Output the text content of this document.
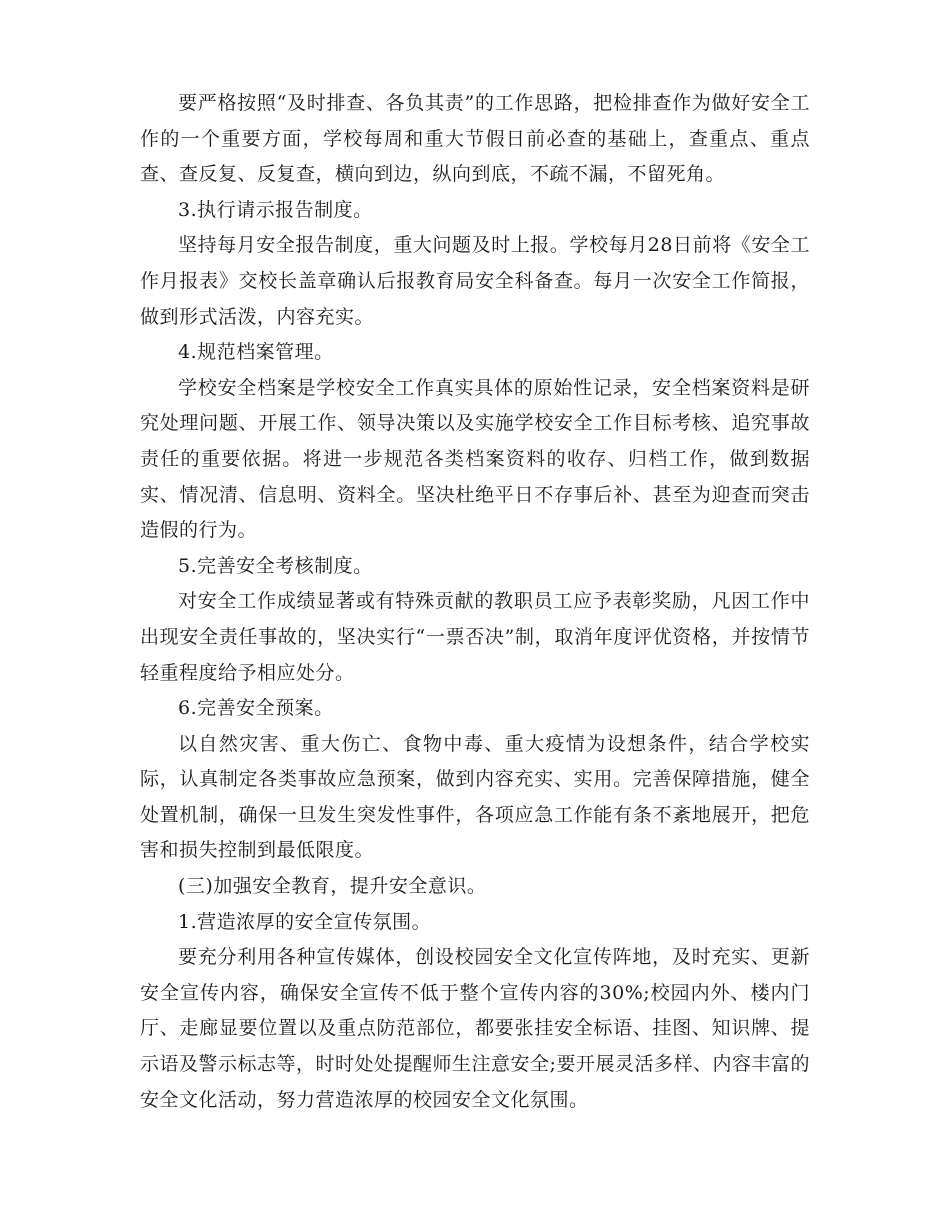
要严格按照“及时排查、各负其责”的工作思路，把检排查作为做好安全工作的一个重要方面，学校每周和重大节假日前必查的基础上，查重点、重点查、查反复、反复查，横向到边，纵向到底，不疏不漏，不留死角。

3.执行请示报告制度。

坚持每月安全报告制度，重大问题及时上报。学校每月28日前将《安全工作月报表》交校长盖章确认后报教育局安全科备查。每月一次安全工作简报，做到形式活泼，内容充实。

4.规范档案管理。

学校安全档案是学校安全工作真实具体的原始性记录，安全档案资料是研究处理问题、开展工作、领导决策以及实施学校安全工作目标考核、追究事故责任的重要依据。将进一步规范各类档案资料的收存、归档工作，做到数据实、情况清、信息明、资料全。坚决杜绝平日不存事后补、甚至为迎查而突击造假的行为。

5.完善安全考核制度。

对安全工作成绩显著或有特殊贡献的教职员工应予表彰奖励，凡因工作中出现安全责任事故的，坚决实行“一票否决”制，取消年度评优资格，并按情节轻重程度给予相应处分。

6.完善安全预案。

以自然灾害、重大伤亡、食物中毒、重大疫情为设想条件，结合学校实际，认真制定各类事故应急预案，做到内容充实、实用。完善保障措施，健全处置机制，确保一旦发生突发性事件，各项应急工作能有条不紊地展开，把危害和损失控制到最低限度。

(三)加强安全教育，提升安全意识。

1.营造浓厚的安全宣传氛围。

要充分利用各种宣传媒体，创设校园安全文化宣传阵地，及时充实、更新安全宣传内容，确保安全宣传不低于整个宣传内容的30%;校园内外、楼内门厅、走廊显要位置以及重点防范部位，都要张挂安全标语、挂图、知识牌、提示语及警示标志等，时时处处提醒师生注意安全;要开展灵活多样、内容丰富的安全文化活动，努力营造浓厚的校园安全文化氛围。
